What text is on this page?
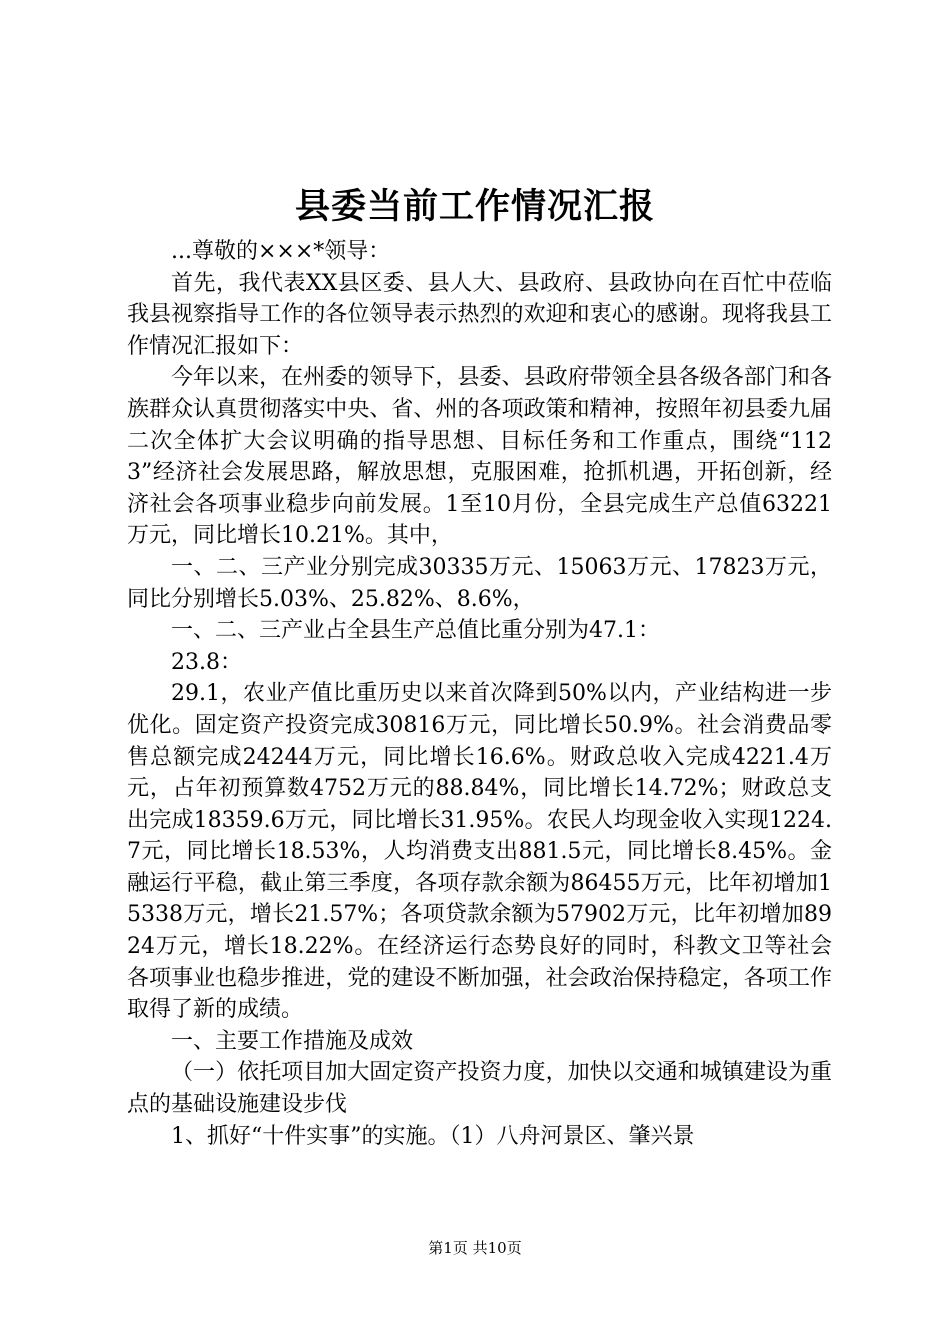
县委当前工作情况汇报

...尊敬的×××*领导：

首先，我代表XX县区委、县人大、县政府、县政协向在百忙中莅临我县视察指导工作的各位领导表示热烈的欢迎和衷心的感谢。现将我县工作情况汇报如下：

今年以来，在州委的领导下，县委、县政府带领全县各级各部门和各族群众认真贯彻落实中央、省、州的各项政策和精神，按照年初县委九届二次全体扩大会议明确的指导思想、目标任务和工作重点，围绕“1123”经济社会发展思路，解放思想，克服困难，抢抓机遇，开拓创新，经济社会各项事业稳步向前发展。1至10月份，全县完成生产总值63221万元，同比增长10.21%。其中，

一、二、三产业分别完成30335万元、15063万元、17823万元，同比分别增长5.03%、25.82%、8.6%，

一、二、三产业占全县生产总值比重分别为47.1：

23.8：

29.1，农业产值比重历史以来首次降到50%以内，产业结构进一步优化。固定资产投资完成30816万元，同比增长50.9%。社会消费品零售总额完成24244万元，同比增长16.6%。财政总收入完成4221.4万元，占年初预算数4752万元的88.84%，同比增长14.72%；财政总支出完成18359.6万元，同比增长31.95%。农民人均现金收入实现1224.7元，同比增长18.53%，人均消费支出881.5元，同比增长8.45%。金融运行平稳，截止第三季度，各项存款余额为86455万元，比年初增加15338万元，增长21.57%；各项贷款余额为57902万元，比年初增加8924万元，增长18.22%。在经济运行态势良好的同时，科教文卫等社会各项事业也稳步推进，党的建设不断加强，社会政治保持稳定，各项工作取得了新的成绩。

一、主要工作措施及成效

（一）依托项目加大固定资产投资力度，加快以交通和城镇建设为重点的基础设施建设步伐

1、抓好“十件实事”的实施。（1）八舟河景区、肇兴景

第1页 共10页
